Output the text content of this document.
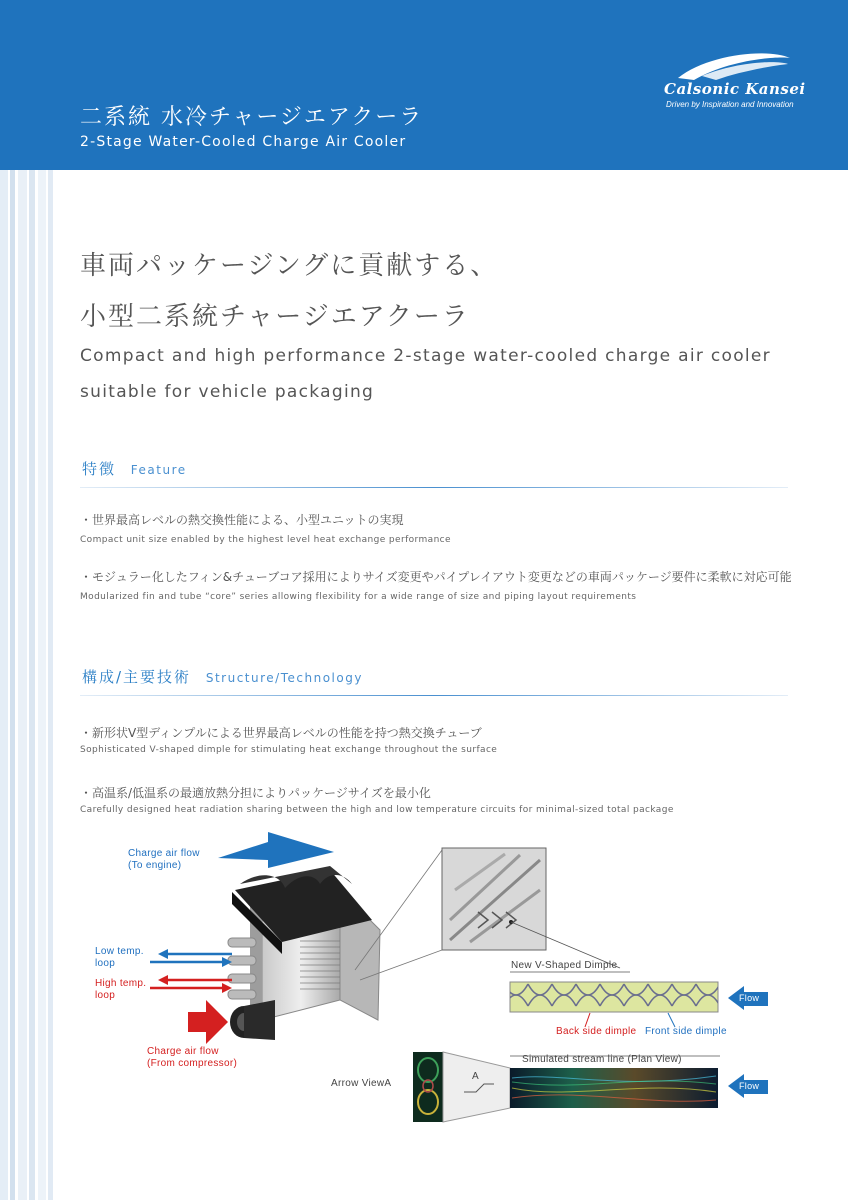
二系統 水冷チャージエアクーラ
2-Stage Water-Cooled Charge Air Cooler
Calsonic Kansei
Driven by Inspiration and Innovation
車両パッケージングに貢献する、
小型二系統チャージエアクーラ
Compact and high performance 2-stage water-cooled charge air cooler
suitable for vehicle packaging
特徴 Feature
・世界最高レベルの熱交換性能による、小型ユニットの実現
Compact unit size enabled by the highest level heat exchange performance
・モジュラー化したフィン&チューブコア採用によりサイズ変更やパイプレイアウト変更などの車両パッケージ要件に柔軟に対応可能
Modularized fin and tube “core” series allowing flexibility for a wide range of size and piping layout requirements
構成/主要技術 Structure/Technology
・新形状V型ディンプルによる世界最高レベルの性能を持つ熱交換チューブ
Sophisticated V-shaped dimple for stimulating heat exchange throughout the surface
・高温系/低温系の最適放熱分担によりパッケージサイズを最小化
Carefully designed heat radiation sharing between the high and low temperature circuits for minimal-sized total package
Charge air flow
(To engine)
Low temp.
loop
High temp.
loop
Charge air flow
(From compressor)
New V-Shaped Dimple
Flow
Back side dimple Front side dimple
Simulated stream line (Plan View)
Arrow ViewA
A
Flow
